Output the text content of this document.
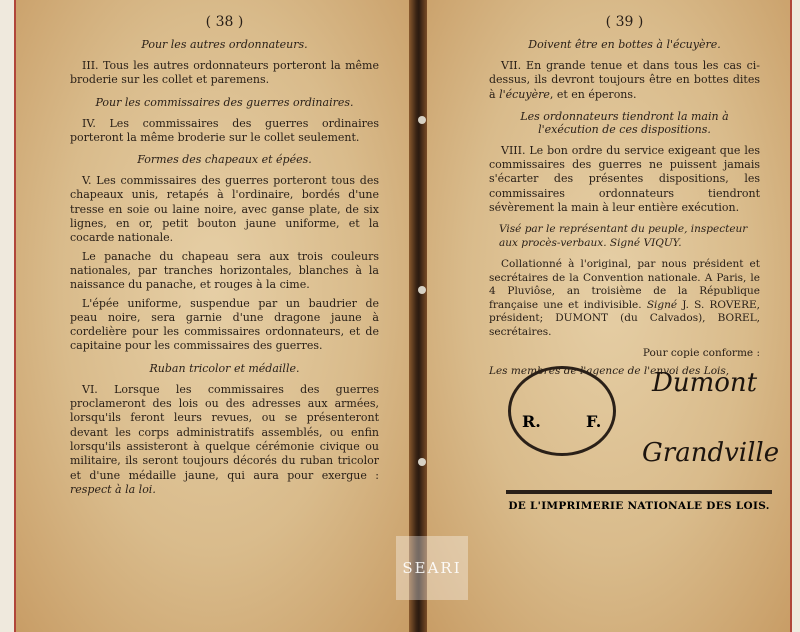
( 38 )
Pour les autres ordonnateurs.

III. Tous les autres ordonnateurs porteront la même broderie sur les collet et paremens.

Pour les commissaires des guerres ordinaires.

IV. Les commissaires des guerres ordinaires porteront la même broderie sur le collet seulement.

Formes des chapeaux et épées.

V. Les commissaires des guerres porteront tous des chapeaux unis, retapés à l'ordinaire, bordés d'une tresse en soie ou laine noire, avec ganse plate, de six lignes, en or, petit bouton jaune uniforme, et la cocarde nationale.

Le panache du chapeau sera aux trois couleurs nationales, par tranches horizontales, blanches à la naissance du panache, et rouges à la cime.

L'épée uniforme, suspendue par un baudrier de peau noire, sera garnie d'une dragone jaune à cordelière pour les commissaires ordonnateurs, et de capitaine pour les commissaires des guerres.

Ruban tricolor et médaille.

VI. Lorsque les commissaires des guerres proclameront des lois ou des adresses aux armées, lorsqu'ils feront leurs revues, ou se présenteront devant les corps administratifs assemblés, ou enfin lorsqu'ils assisteront à quelque cérémonie civique ou militaire, ils seront toujours décorés du ruban tricolor et d'une médaille jaune, qui aura pour exergue : respect à la loi.

( 39 )
Doivent être en bottes à l'écuyère.

VII. En grande tenue et dans tous les cas ci-dessus, ils devront toujours être en bottes dites à l'écuyère, et en éperons.

Les ordonnateurs tiendront la main à l'exécution de ces dispositions.

VIII. Le bon ordre du service exigeant que les commissaires des guerres ne puissent jamais s'écarter des présentes dispositions, les commissaires ordonnateurs tiendront sévèrement la main à leur entière exécution.

Visé par le représentant du peuple, inspecteur aux procès-verbaux. Signé VIQUY.

Collationné à l'original, par nous président et secrétaires de la Convention nationale. A Paris, le 4 Pluviôse, an troisième de la République française une et indivisible. Signé J. S. ROVERE, président; DUMONT (du Calvados), BOREL, secrétaires.

Pour copie conforme :

Les membres de l'agence de l'envoi des Lois,

R.	F.
Dumont
Grandville
DE L'IMPRIMERIE NATIONALE DES LOIS.
SEARI
